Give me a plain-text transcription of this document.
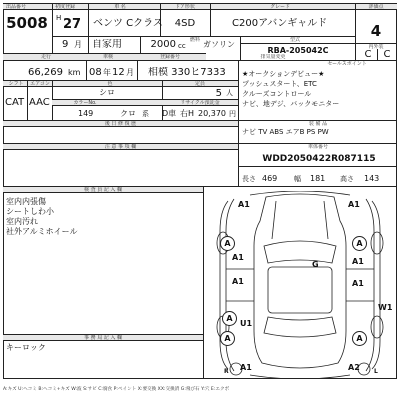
出品番号	初度登録	車 名	ドア形状	グレード	評価点
5008	H 27	ベンツ Cクラス	4SD	C200アバンギャルド	4
9 月 自家用	2000 cc
燃料 ガソリン	型式
RBA-205042C	内外装
C	C
走行	車検	登録番号	排気量変更
セールスポイント
66,269 km 08 年 12 月 相模 330ヒ7333
シフト	エアコン	色	定員
CAT AAC
シロ	5 人
カラーNo.	リサイクル預託金
149	クロ 系	D車 右H 20,370 円
★オークションデビュー★
プッシュスタート、ETC
クルーズコントロール
ナビ、地デジ、バックモニター
後 日 修 復 歴	装 備 品
ナビ TV ABS エアB PS PW
注 意 事 項 欄	車体番号
WDD2050422R087115
長さ 469	幅	181	高さ 143
検 査 員 記 入 欄
室内内張傷
シートしわ小
室内汚れ
社外アルミホイール
事 務 局 記 入 欄
キーロック
A1	A1
A	A
A1	A1
G
A1
A
U1
A1
W1
A	A
A1	A2
R	L
A:キズ U:ヘコミ B:ヘコミ+キズ W:波 S:サビ C:腐食 P:ペイント X:要交換 XX:交換済 G:飛び石 Y:穴 E:エクボ
